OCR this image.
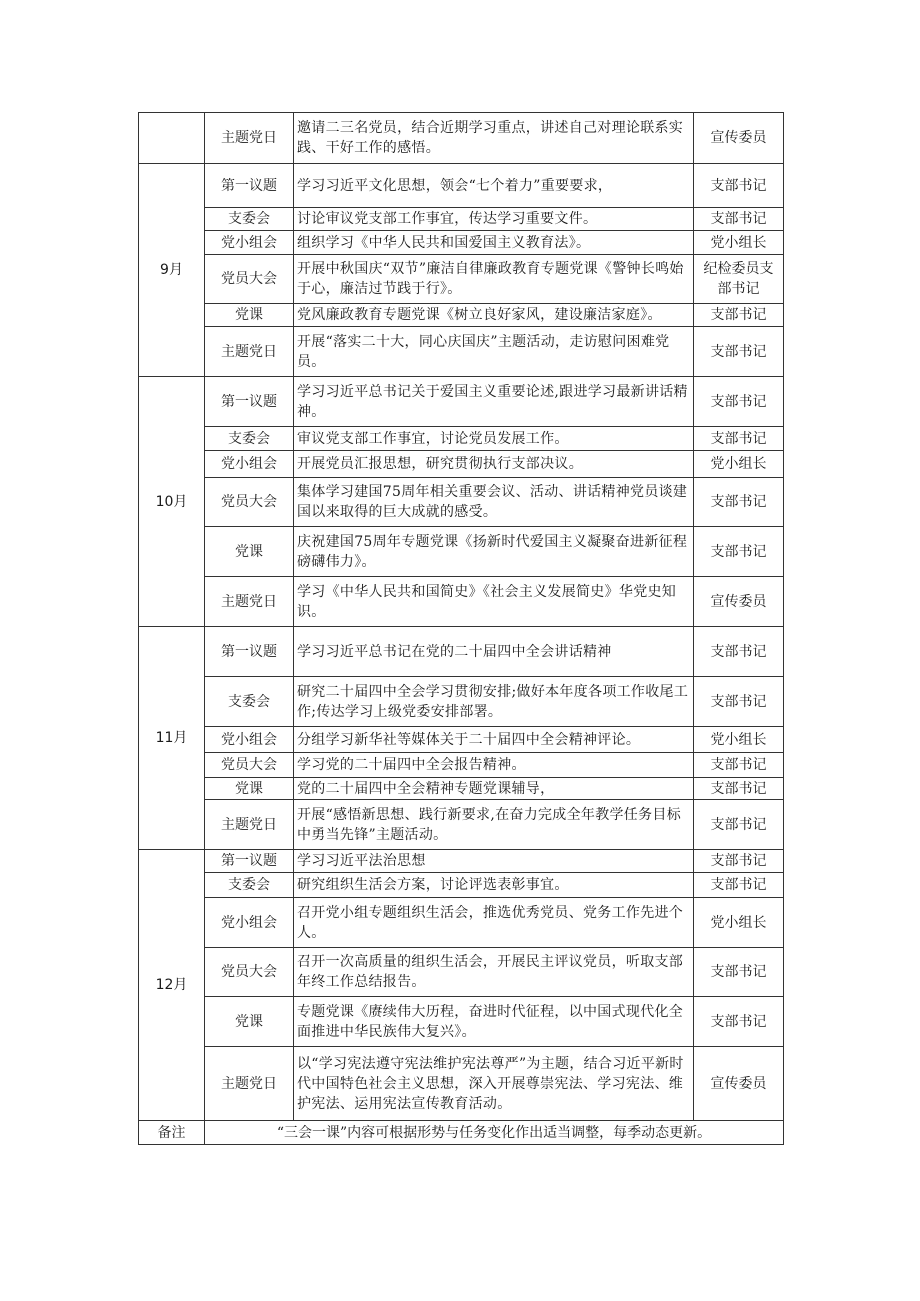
	主题党日	邀请二三名党员，结合近期学习重点，讲述自己对理论联系实践、干好工作的感悟。	宣传委员
9月	第一议题	学习习近平文化思想，领会“七个着力”重要要求，	支部书记
	支委会	讨论审议党支部工作事宜，传达学习重要文件。	支部书记
	党小组会	组织学习《中华人民共和国爱国主义教育法》。	党小组长
	党员大会	开展中秋国庆“双节”廉洁自律廉政教育专题党课《警钟长鸣始于心，廉洁过节践于行》。	纪检委员支部书记
	党课	党风廉政教育专题党课《树立良好家风，建设廉洁家庭》。	支部书记
	主题党日	开展“落实二十大，同心庆国庆”主题活动，走访慰问困难党员。	支部书记
10月	第一议题	学习习近平总书记关于爱国主义重要论述,跟进学习最新讲话精神。	支部书记
	支委会	审议党支部工作事宜，讨论党员发展工作。	支部书记
	党小组会	开展党员汇报思想，研究贯彻执行支部决议。	党小组长
	党员大会	集体学习建国75周年相关重要会议、活动、讲话精神党员谈建国以来取得的巨大成就的感受。	支部书记
	党课	庆祝建国75周年专题党课《扬新时代爱国主义凝聚奋进新征程磅礴伟力》。	支部书记
	主题党日	学习《中华人民共和国简史》《社会主义发展简史》华党史知识。	宣传委员
11月	第一议题	学习习近平总书记在党的二十届四中全会讲话精神	支部书记
	支委会	研究二十届四中全会学习贯彻安排;做好本年度各项工作收尾工作;传达学习上级党委安排部署。	支部书记
	党小组会	分组学习新华社等媒体关于二十届四中全会精神评论。	党小组长
	党员大会	学习党的二十届四中全会报告精神。	支部书记
	党课	党的二十届四中全会精神专题党课辅导，	支部书记
	主题党日	开展“感悟新思想、践行新要求,在奋力完成全年教学任务目标中勇当先锋”主题活动。	支部书记
12月	第一议题	学习习近平法治思想	支部书记
	支委会	研究组织生活会方案，讨论评选表彰事宜。	支部书记
	党小组会	召开党小组专题组织生活会，推选优秀党员、党务工作先进个人。	党小组长
	党员大会	召开一次高质量的组织生活会，开展民主评议党员，听取支部年终工作总结报告。	支部书记
	党课	专题党课《赓续伟大历程，奋进时代征程，以中国式现代化全面推进中华民族伟大复兴》。	支部书记
	主题党日	以“学习宪法遵守宪法维护宪法尊严”为主题，结合习近平新时代中国特色社会主义思想，深入开展尊崇宪法、学习宪法、维护宪法、运用宪法宣传教育活动。	宣传委员
备注	“三会一课”内容可根据形势与任务变化作出适当调整，每季动态更新。		
